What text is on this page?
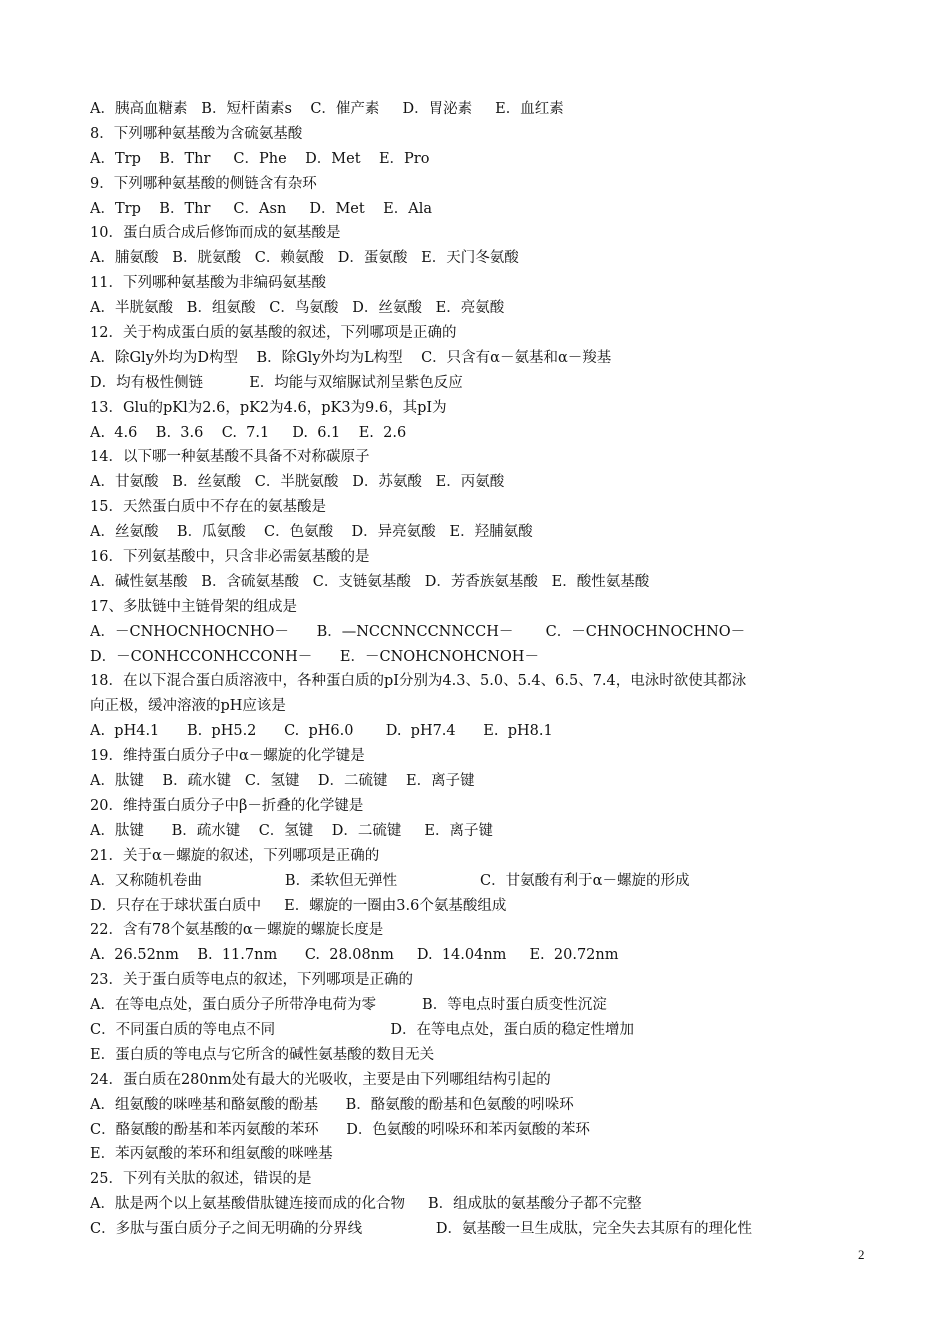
A．胰高血糖素   B．短杆菌素s    C．催产素     D．胃泌素     E．血红素
8．下列哪种氨基酸为含硫氨基酸
A．Trp    B．Thr     C．Phe    D．Met    E．Pro
9．下列哪种氨基酸的侧链含有杂环
A．Trp    B．Thr     C．Asn     D．Met    E．Ala
10．蛋白质合成后修饰而成的氨基酸是
A．脯氨酸   B．胱氨酸   C．赖氨酸   D．蛋氨酸   E．天门冬氨酸
11．下列哪种氨基酸为非编码氨基酸
A．半胱氨酸   B．组氨酸   C．鸟氨酸   D．丝氨酸   E．亮氨酸
12．关于构成蛋白质的氨基酸的叙述，下列哪项是正确的
A．除Gly外均为D构型    B．除Gly外均为L构型    C．只含有α－氨基和α－羧基
D．均有极性侧链          E．均能与双缩脲试剂呈紫色反应
13．Glu的pKl为2.6，pK2为4.6，pK3为9.6，其pI为
A.  4.6    B.  3.6    C.  7.1     D.  6.1    E.  2.6
14．以下哪一种氨基酸不具备不对称碳原子
A．甘氨酸   B．丝氨酸   C．半胱氨酸   D．苏氨酸   E．丙氨酸
15．天然蛋白质中不存在的氨基酸是
A．丝氨酸    B．瓜氨酸    C．色氨酸    D．异亮氨酸   E．羟脯氨酸
16．下列氨基酸中，只含非必需氨基酸的是
A．碱性氨基酸   B．含硫氨基酸   C．支链氨基酸   D．芳香族氨基酸   E．酸性氨基酸
17、多肽链中主链骨架的组成是
A．－CNHOCNHOCNHO－      B．—NCCNNCCNNCCH－       C．－CHNOCHNOCHNO－
D．－CONHCCONHCCONH－      E．－CNOHCNOHCNOH－
18．在以下混合蛋白质溶液中，各种蛋白质的pI分别为4.3、5.0、5.4、6.5、7.4，电泳时欲使其都泳
向正极，缓冲溶液的pH应该是
A.  pH4.1      B.  pH5.2      C.  pH6.0       D.  pH7.4      E.  pH8.1
19．维持蛋白质分子中α－螺旋的化学键是
A．肽键    B．疏水键   C．氢键    D．二硫键    E．离子键
20．维持蛋白质分子中β－折叠的化学键是
A．肽键      B．疏水键    C．氢键    D．二硫键     E．离子键
21．关于α－螺旋的叙述，下列哪项是正确的
A．又称随机卷曲                  B．柔软但无弹性                  C．甘氨酸有利于α－螺旋的形成
D．只存在于球状蛋白质中     E．螺旋的一圈由3.6个氨基酸组成
22．含有78个氨基酸的α－螺旋的螺旋长度是
A.  26.52nm    B.  11.7nm      C.  28.08nm     D.  14.04nm     E.  20.72nm
23．关于蛋白质等电点的叙述，下列哪项是正确的
A．在等电点处，蛋白质分子所带净电荷为零          B．等电点时蛋白质变性沉淀
C．不同蛋白质的等电点不同                         D．在等电点处，蛋白质的稳定性增加
E．蛋白质的等电点与它所含的碱性氨基酸的数目无关
24．蛋白质在280nm处有最大的光吸收，主要是由下列哪组结构引起的
A．组氨酸的咪唑基和酪氨酸的酚基      B．酪氨酸的酚基和色氨酸的吲哚环
C．酪氨酸的酚基和苯丙氨酸的苯环      D．色氨酸的吲哚环和苯丙氨酸的苯环
E．苯丙氨酸的苯环和组氨酸的咪唑基
25．下列有关肽的叙述，错误的是
A．肽是两个以上氨基酸借肽键连接而成的化合物     B．组成肽的氨基酸分子都不完整
C．多肽与蛋白质分子之间无明确的分界线                D．氨基酸一旦生成肽，完全失去其原有的理化性
2
